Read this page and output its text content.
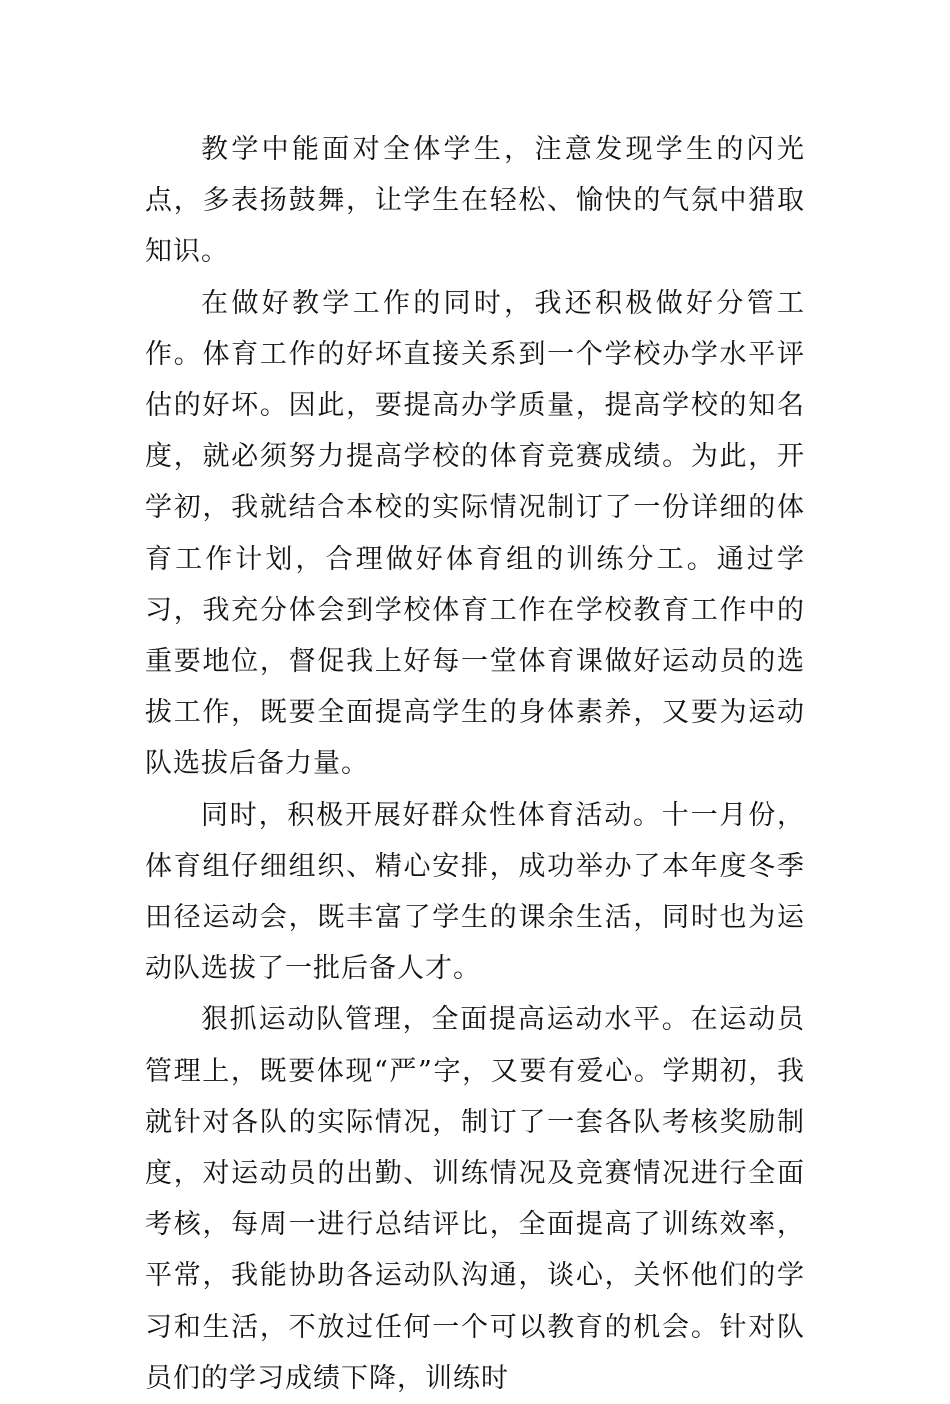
教学中能面对全体学生，注意发现学生的闪光点，多表扬鼓舞，让学生在轻松、愉快的气氛中猎取知识。

在做好教学工作的同时，我还积极做好分管工作。体育工作的好坏直接关系到一个学校办学水平评估的好坏。因此，要提高办学质量，提高学校的知名度，就必须努力提高学校的体育竞赛成绩。为此，开学初，我就结合本校的实际情况制订了一份详细的体育工作计划，合理做好体育组的训练分工。通过学习，我充分体会到学校体育工作在学校教育工作中的重要地位，督促我上好每一堂体育课做好运动员的选拔工作，既要全面提高学生的身体素养，又要为运动队选拔后备力量。

同时，积极开展好群众性体育活动。十一月份，体育组仔细组织、精心安排，成功举办了本年度冬季田径运动会，既丰富了学生的课余生活，同时也为运动队选拔了一批后备人才。

狠抓运动队管理，全面提高运动水平。在运动员管理上，既要体现“严”字，又要有爱心。学期初，我就针对各队的实际情况，制订了一套各队考核奖励制度，对运动员的出勤、训练情况及竞赛情况进行全面考核，每周一进行总结评比，全面提高了训练效率，平常，我能协助各运动队沟通，谈心，关怀他们的学习和生活，不放过任何一个可以教育的机会。针对队员们的学习成绩下降，训练时
